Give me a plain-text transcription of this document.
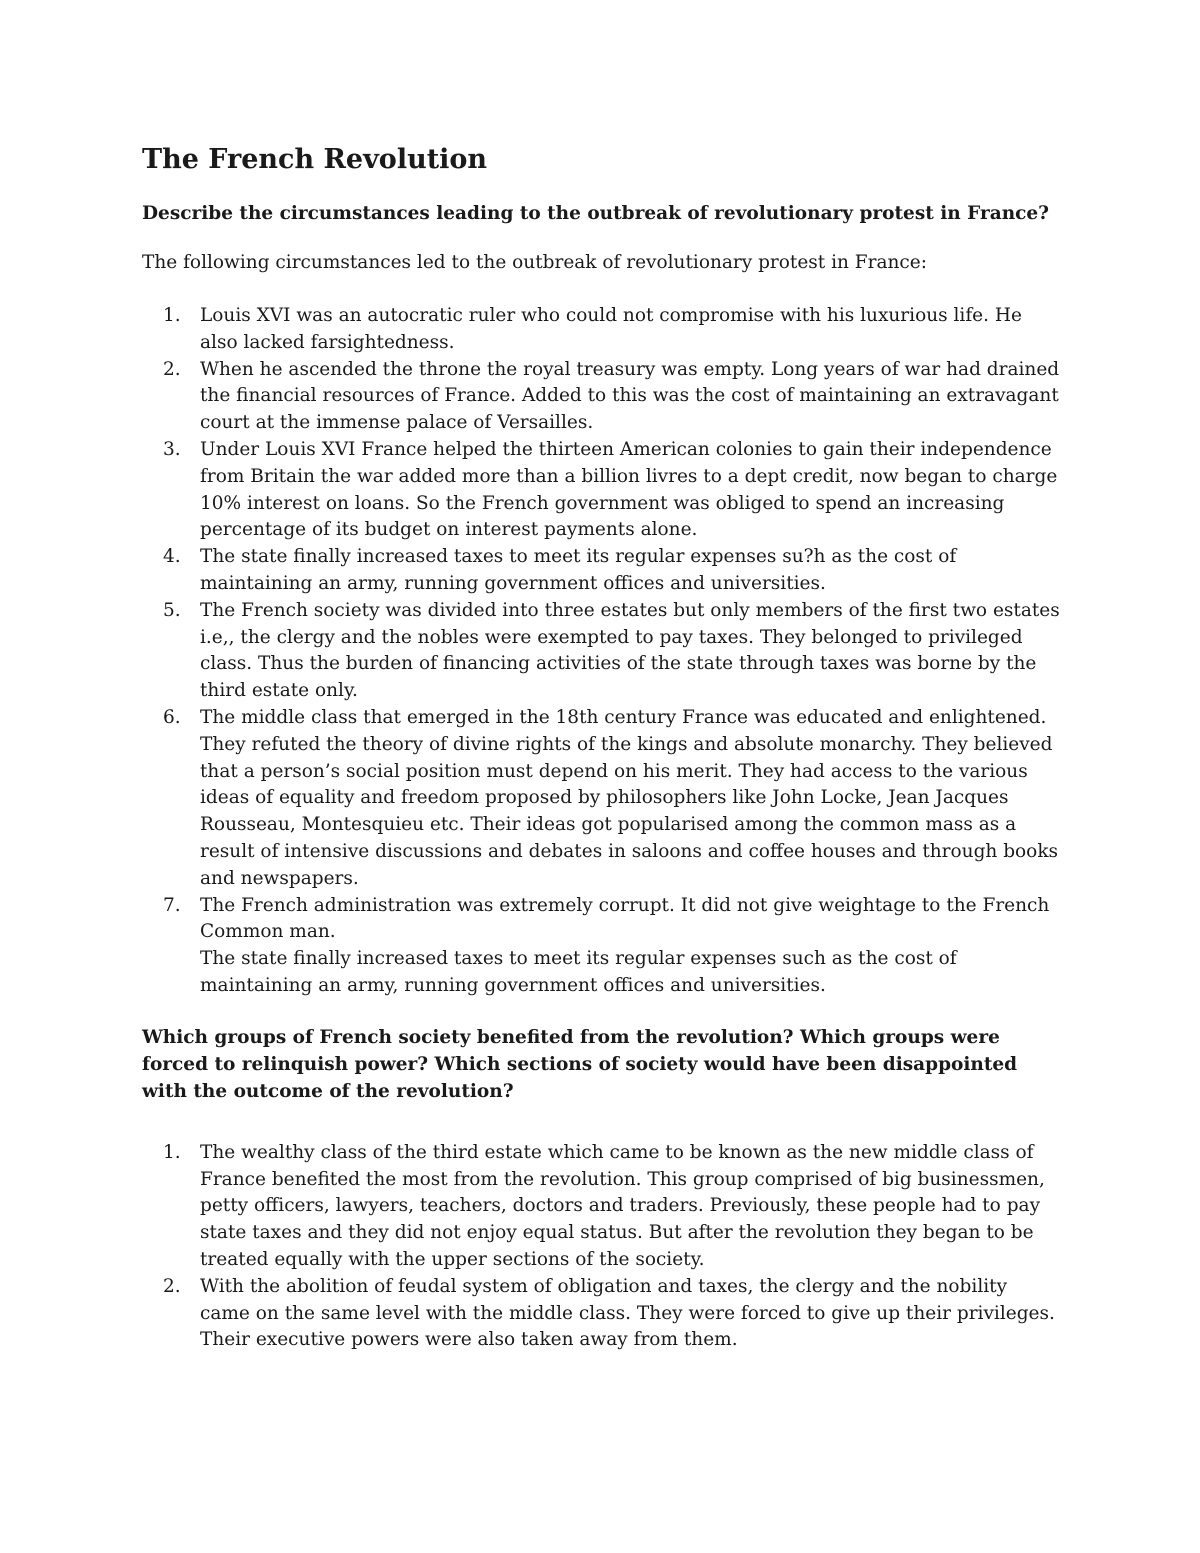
The French Revolution

Describe the circumstances leading to the outbreak of revolutionary protest in France?

The following circumstances led to the outbreak of revolutionary protest in France:

1. Louis XVI was an autocratic ruler who could not compromise with his luxurious life. He also lacked farsightedness.
2. When he ascended the throne the royal treasury was empty. Long years of war had drained the financial resources of France. Added to this was the cost of maintaining an extravagant court at the immense palace of Versailles.
3. Under Louis XVI France helped the thirteen American colonies to gain their independence from Britain the war added more than a billion livres to a dept credit, now began to charge 10% interest on loans. So the French government was obliged to spend an increasing percentage of its budget on interest payments alone.
4. The state finally increased taxes to meet its regular expenses su?h as the cost of maintaining an army, running government offices and universities.
5. The French society was divided into three estates but only members of the first two estates i.e,, the clergy and the nobles were exempted to pay taxes. They belonged to privileged class. Thus the burden of financing activities of the state through taxes was borne by the third estate only.
6. The middle class that emerged in the 18th century France was educated and enlightened. They refuted the theory of divine rights of the kings and absolute monarchy. They believed that a person’s social position must depend on his merit. They had access to the various ideas of equality and freedom proposed by philosophers like John Locke, Jean Jacques Rousseau, Montesquieu etc. Their ideas got popularised among the common mass as a result of intensive discussions and debates in saloons and coffee houses and through books and newspapers.
7. The French administration was extremely corrupt. It did not give weightage to the French Common man.
The state finally increased taxes to meet its regular expenses such as the cost of maintaining an army, running government offices and universities.

Which groups of French society benefited from the revolution? Which groups were forced to relinquish power? Which sections of society would have been disappointed with the outcome of the revolution?

1. The wealthy class of the third estate which came to be known as the new middle class of France benefited the most from the revolution. This group comprised of big businessmen, petty officers, lawyers, teachers, doctors and traders. Previously, these people had to pay state taxes and they did not enjoy equal status. But after the revolution they began to be treated equally with the upper sections of the society.
2. With the abolition of feudal system of obligation and taxes, the clergy and the nobility came on the same level with the middle class. They were forced to give up their privileges. Their executive powers were also taken away from them.
